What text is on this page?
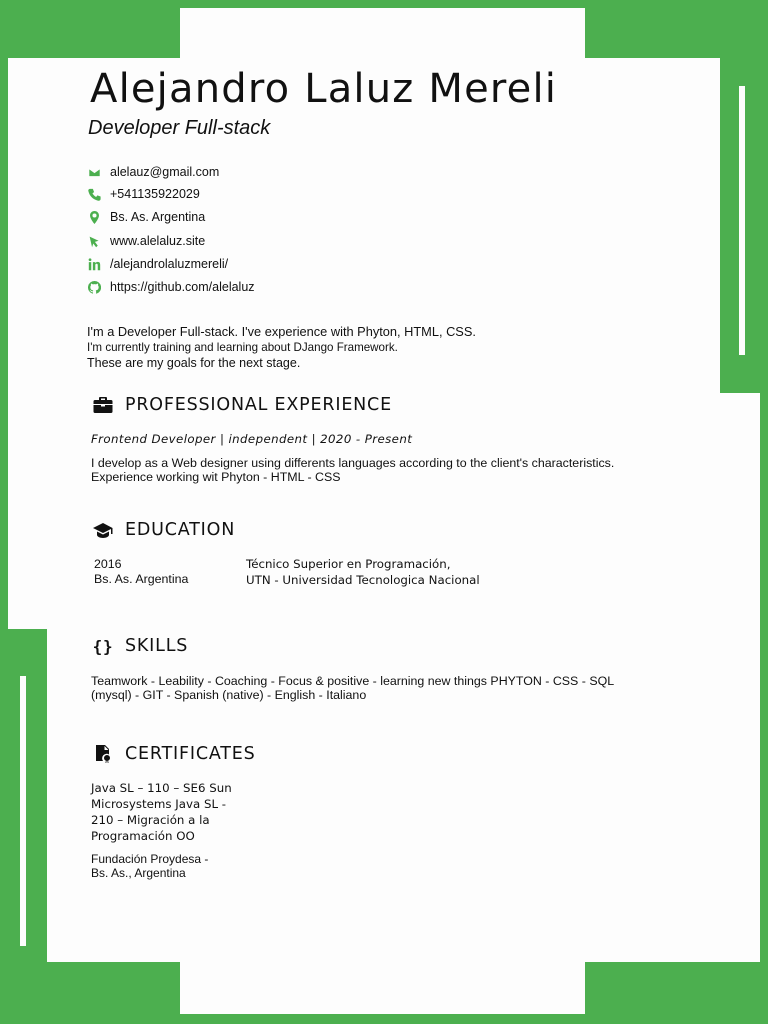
Alejandro Laluz Mereli
Developer Full-stack
alelauz@gmail.com
+541135922029
Bs. As. Argentina
www.alelaluz.site
/alejandrolaluzmereli/
https://github.com/alelaluz
I'm a Developer Full-stack. I've experience with Phyton, HTML, CSS.
I'm currently training and learning about DJango Framework.
These are my goals for the next stage.
PROFESSIONAL EXPERIENCE
Frontend Developer | independent | 2020 - Present
I develop as a Web designer using differents languages according to the client's characteristics.
Experience working wit Phyton - HTML - CSS
EDUCATION
2016
Bs. As. Argentina
Técnico Superior en Programación,
UTN - Universidad Tecnologica Nacional
{} SKILLS
Teamwork - Leability - Coaching - Focus & positive - learning new things PHYTON - CSS - SQL
(mysql) - GIT - Spanish (native) - English - Italiano
CERTIFICATES
Java SL – 110 – SE6 Sun
Microsystems Java SL -
210 – Migración a la
Programación OO
Fundación Proydesa -
Bs. As., Argentina
